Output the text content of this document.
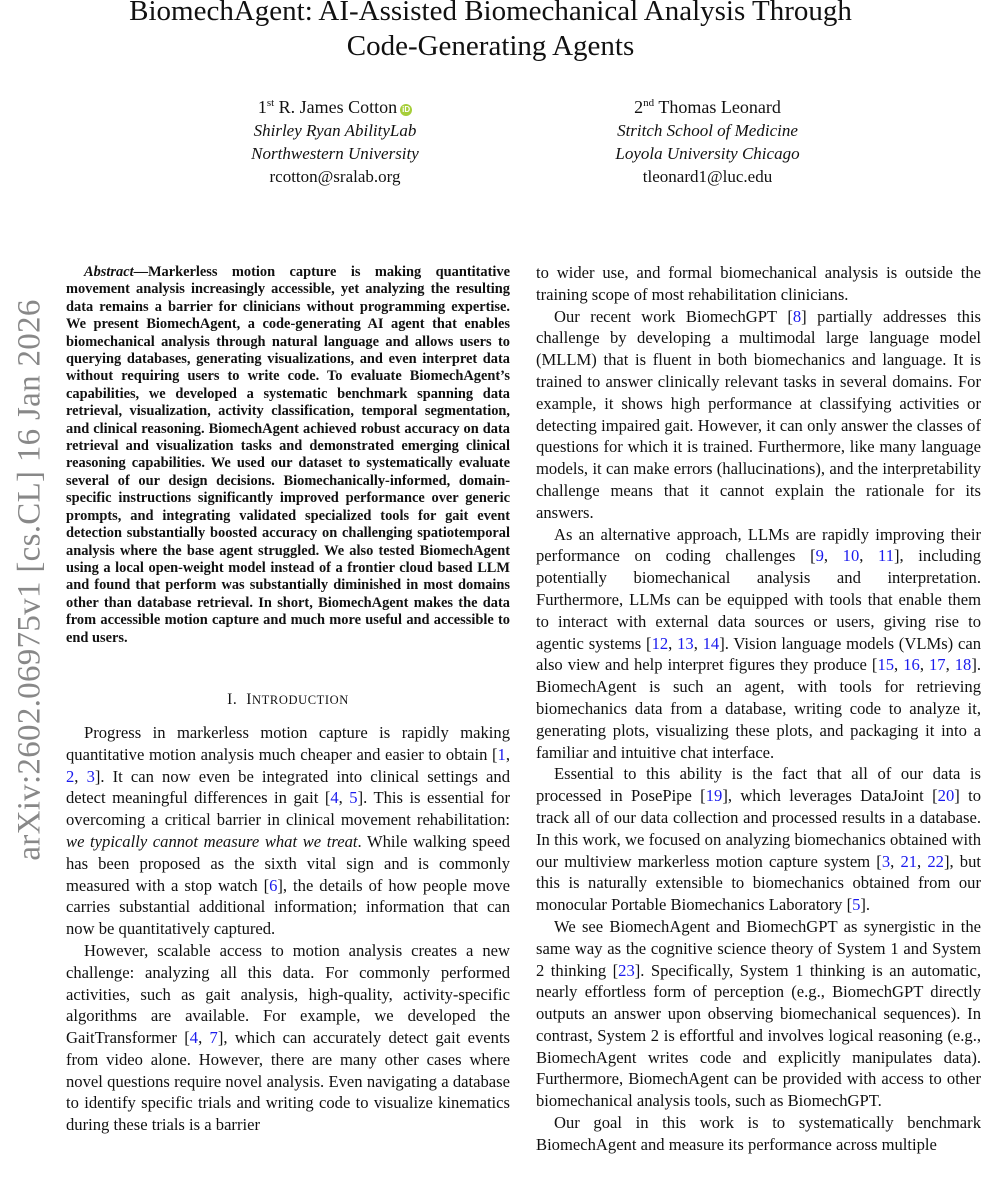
BiomechAgent: AI-Assisted Biomechanical Analysis Through
Code-Generating Agents
1st R. James Cotton iD
Shirley Ryan AbilityLab
Northwestern University
rcotton@sralab.org
2nd Thomas Leonard
Stritch School of Medicine
Loyola University Chicago
tleonard1@luc.edu
arXiv:2602.06975v1 [cs.CL] 16 Jan 2026

Abstract—Markerless motion capture is making quantitative movement analysis increasingly accessible, yet analyzing the resulting data remains a barrier for clinicians without programming expertise. We present BiomechAgent, a code-generating AI agent that enables biomechanical analysis through natural language and allows users to querying databases, generating visualizations, and even interpret data without requiring users to write code. To evaluate BiomechAgent’s capabilities, we developed a systematic benchmark spanning data retrieval, visualization, activity classification, temporal segmentation, and clinical reasoning. BiomechAgent achieved robust accuracy on data retrieval and visualization tasks and demonstrated emerging clinical reasoning capabilities. We used our dataset to systematically evaluate several of our design decisions. Biomechanically-informed, domain-specific instructions significantly improved performance over generic prompts, and integrating validated specialized tools for gait event detection substantially boosted accuracy on challenging spatiotemporal analysis where the base agent struggled. We also tested BiomechAgent using a local open-weight model instead of a frontier cloud based LLM and found that perform was substantially diminished in most domains other than database retrieval. In short, BiomechAgent makes the data from accessible motion capture and much more useful and accessible to end users.

I. INTRODUCTION

Progress in markerless motion capture is rapidly making quantitative motion analysis much cheaper and easier to obtain [1, 2, 3]. It can now even be integrated into clinical settings and detect meaningful differences in gait [4, 5]. This is essential for overcoming a critical barrier in clinical movement rehabilitation: we typically cannot measure what we treat. While walking speed has been proposed as the sixth vital sign and is commonly measured with a stop watch [6], the details of how people move carries substantial additional information; information that can now be quantitatively captured.

However, scalable access to motion analysis creates a new challenge: analyzing all this data. For commonly performed activities, such as gait analysis, high-quality, activity-specific algorithms are available. For example, we developed the GaitTransformer [4, 7], which can accurately detect gait events from video alone. However, there are many other cases where novel questions require novel analysis. Even navigating a database to identify specific trials and writing code to visualize kinematics during these trials is a barrier

to wider use, and formal biomechanical analysis is outside the training scope of most rehabilitation clinicians.

Our recent work BiomechGPT [8] partially addresses this challenge by developing a multimodal large language model (MLLM) that is fluent in both biomechanics and language. It is trained to answer clinically relevant tasks in several domains. For example, it shows high performance at classifying activities or detecting impaired gait. However, it can only answer the classes of questions for which it is trained. Furthermore, like many language models, it can make errors (hallucinations), and the interpretability challenge means that it cannot explain the rationale for its answers.

As an alternative approach, LLMs are rapidly improving their performance on coding challenges [9, 10, 11], including potentially biomechanical analysis and interpretation. Furthermore, LLMs can be equipped with tools that enable them to interact with external data sources or users, giving rise to agentic systems [12, 13, 14]. Vision language models (VLMs) can also view and help interpret figures they produce [15, 16, 17, 18]. BiomechAgent is such an agent, with tools for retrieving biomechanics data from a database, writing code to analyze it, generating plots, visualizing these plots, and packaging it into a familiar and intuitive chat interface.

Essential to this ability is the fact that all of our data is processed in PosePipe [19], which leverages DataJoint [20] to track all of our data collection and processed results in a database. In this work, we focused on analyzing biomechanics obtained with our multiview markerless motion capture system [3, 21, 22], but this is naturally extensible to biomechanics obtained from our monocular Portable Biomechanics Laboratory [5].

We see BiomechAgent and BiomechGPT as synergistic in the same way as the cognitive science theory of System 1 and System 2 thinking [23]. Specifically, System 1 thinking is an automatic, nearly effortless form of perception (e.g., BiomechGPT directly outputs an answer upon observing biomechanical sequences). In contrast, System 2 is effortful and involves logical reasoning (e.g., BiomechAgent writes code and explicitly manipulates data). Furthermore, BiomechAgent can be provided with access to other biomechanical analysis tools, such as BiomechGPT.

Our goal in this work is to systematically benchmark BiomechAgent and measure its performance across multiple
